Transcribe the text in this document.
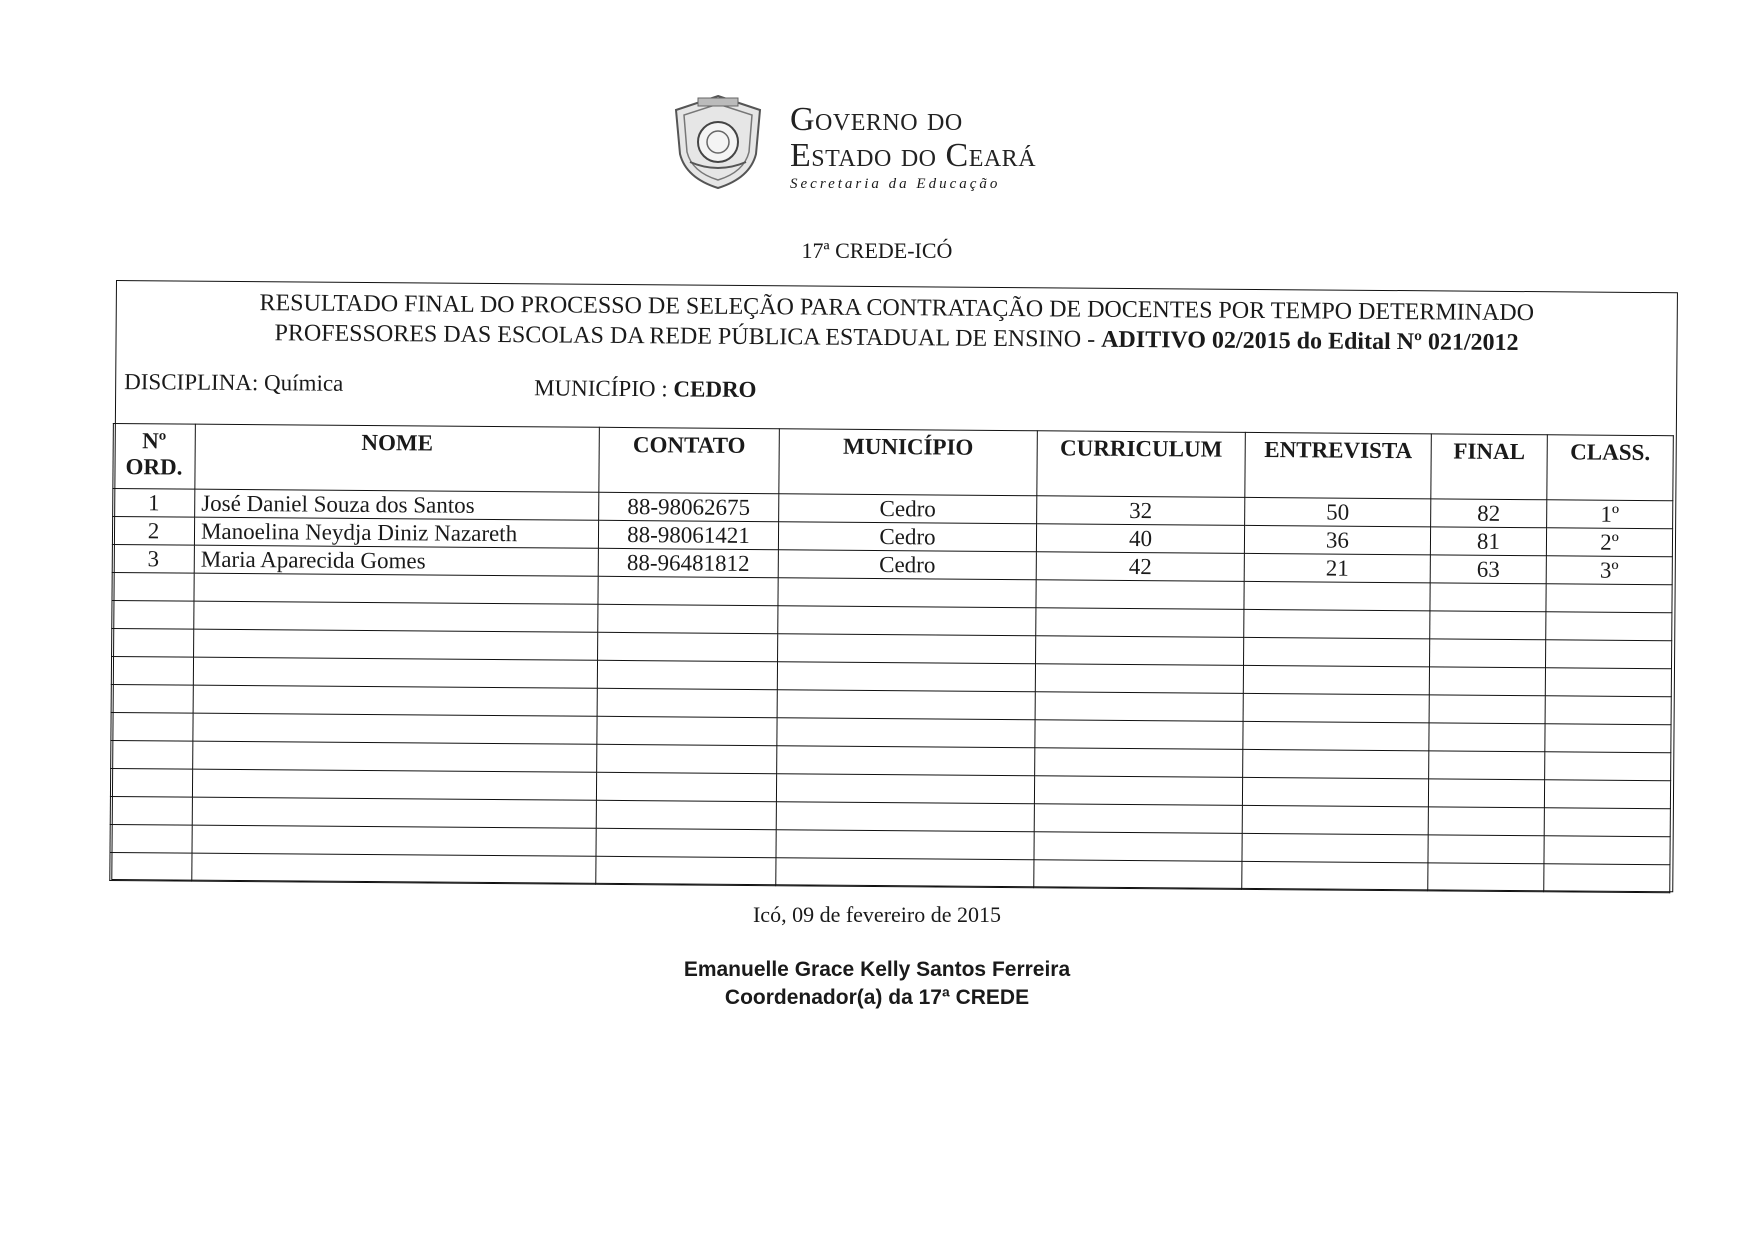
Governo do
Estado do Ceará
Secretaria da Educação
17ª CREDE-ICÓ
RESULTADO FINAL DO PROCESSO DE SELEÇÃO PARA CONTRATAÇÃO DE DOCENTES POR TEMPO DETERMINADO
PROFESSORES DAS ESCOLAS DA REDE PÚBLICA ESTADUAL DE ENSINO - ADITIVO 02/2015 do Edital Nº 021/2012
DISCIPLINA: Química	MUNICÍPIO : CEDRO
Nº ORD.	NOME	CONTATO	MUNICÍPIO	CURRICULUM	ENTREVISTA	FINAL	CLASS.
1	José Daniel Souza dos Santos	88-98062675	Cedro	32	50	82	1º
2	Manoelina Neydja Diniz Nazareth	88-98061421	Cedro	40	36	81	2º
3	Maria Aparecida Gomes	88-96481812	Cedro	42	21	63	3º

Icó, 09 de fevereiro de 2015
Emanuelle Grace Kelly Santos Ferreira
Coordenador(a) da 17ª CREDE
